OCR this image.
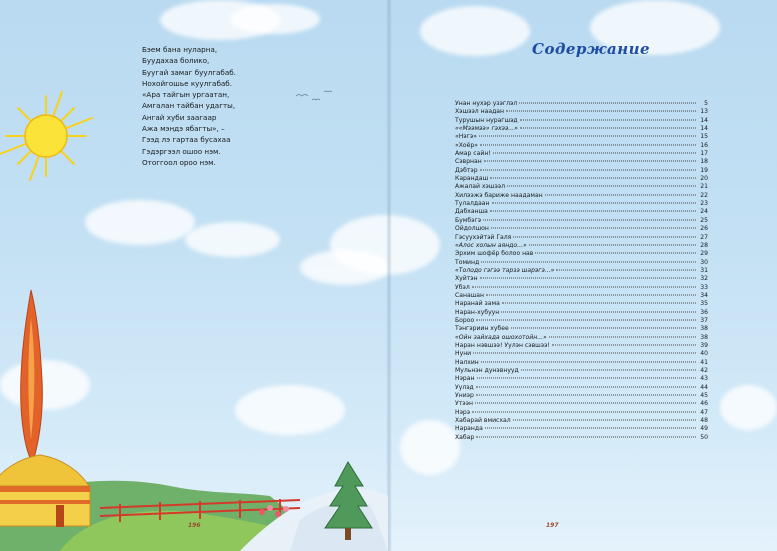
Бэем бана нуларна,
Буудахаа болико,
Буугай замаг буулгабаб.
Нохойгошье куулгабаб.
«Ара тайгын ургаатан,
Амгалан тайбан удагты,
Ангай хуби заагаар
Ажа мэндэ ябагты», –
Гээд лэ гартаа бусахаа
Гэдэргээл ошоо нэм.
Отоггоол ороо нэм.
Содержание
Унан нухэр узэглэл	5
Хэшээл наадан	13
Турушын нурагшэд	14
««Мээмээ» гэхээ...»	14
«Нэгэ»	15
«Хоёр»	16
Амар сайн!	17
Сэврнан	18
Дэбтэр	19
Карандаш	20
Ажалай хэшээл	21
Хилээжэ бариже наадаман	22
Тулалдаан	23
Дабханша	24
Бумбэгэ	25
Ойдолшон	26
Гэсуухэйтэй Галя	27
«Алос холын аяндо...»	28
Эрхим шофёр болоо нав	29
Томинд	30
«Толодо гэгээ тарзэ шарэгэ...»	31
Хуйтэн	32
Убэл	33
Санашан	34
Наранай зама	35
Наран-хубуун	36
Бороо	37
Тэнгэриин хубее	38
«Ойн зайхада ошохотойн...»	38
Наран нэвшээ! Уулэн сэвшээ!	39
Нуни	40
Налхин	41
Мульнэн дунэвнууд	42
Нэран	43
Уулэд	44
Униэр	45
Утээн	46
Нэрэ	47
Хабарай вмисхал	48
Наранда	49
Хабар	50
196	197
